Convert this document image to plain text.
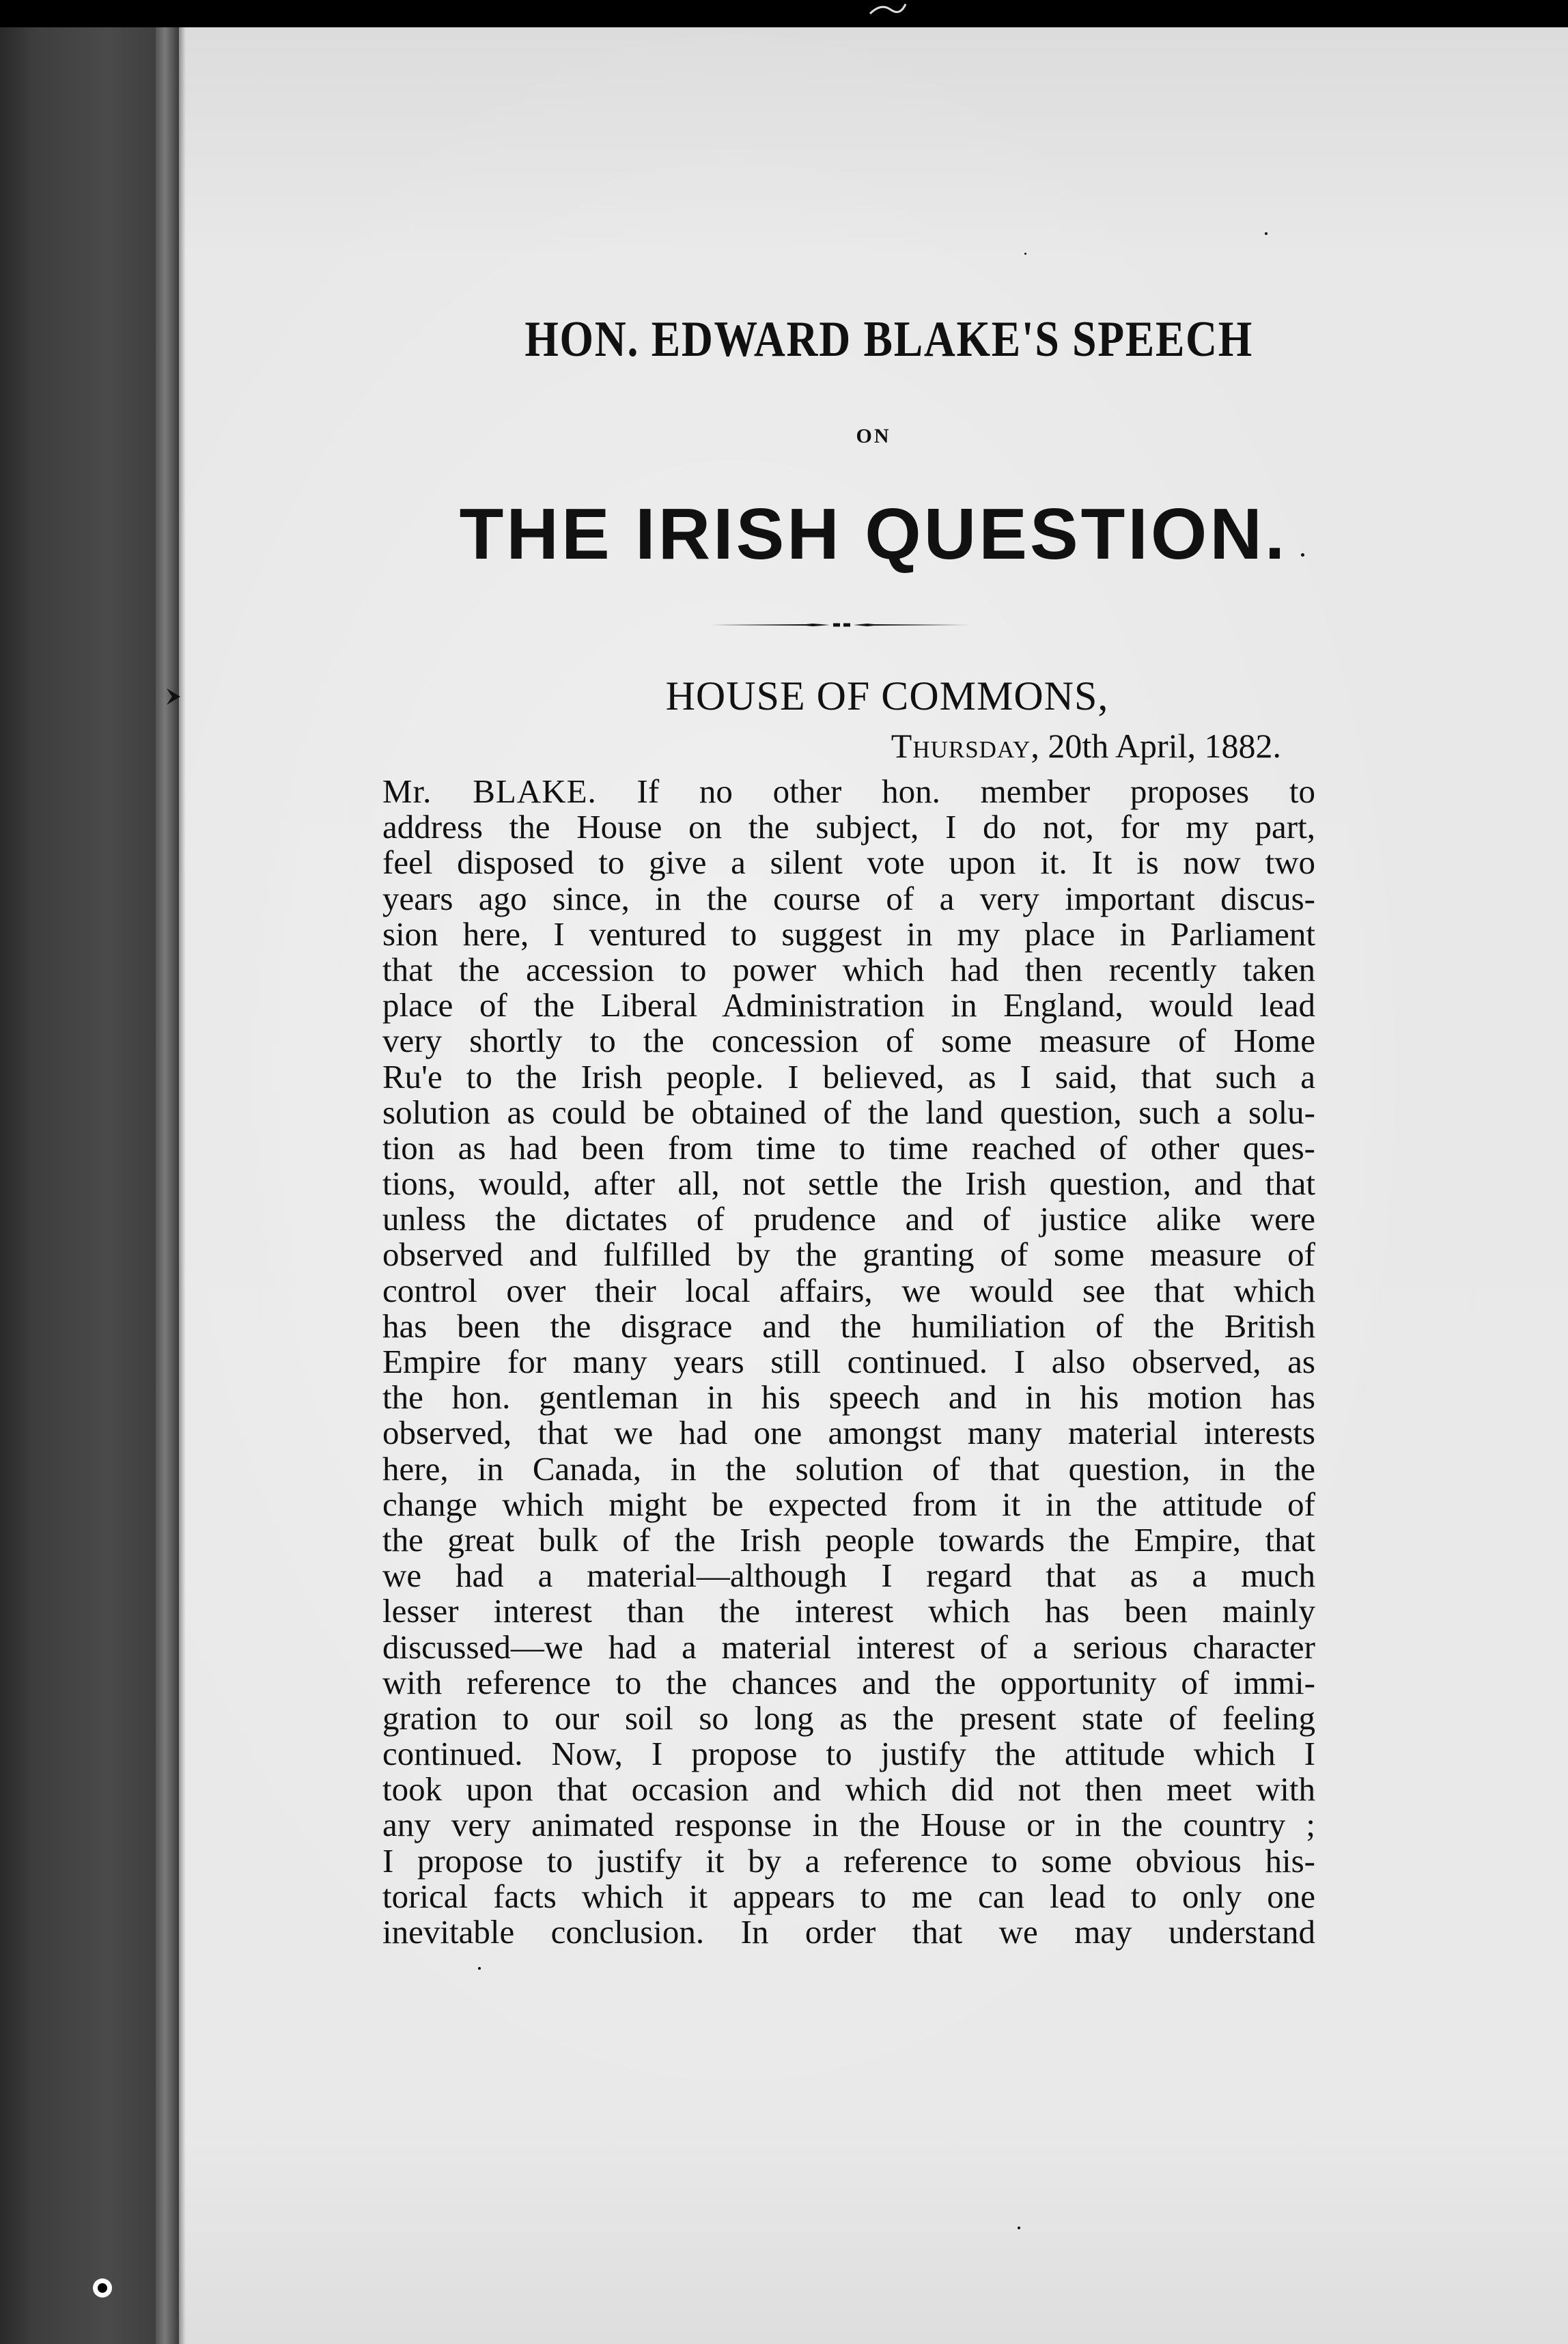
HON. EDWARD BLAKE'S SPEECH
ON
THE IRISH QUESTION.
HOUSE OF COMMONS,
Thursday, 20th April, 1882.
Mr. BLAKE. If no other hon. member proposes to
address the House on the subject, I do not, for my part,
feel disposed to give a silent vote upon it. It is now two
years ago since, in the course of a very important discus-
sion here, I ventured to suggest in my place in Parliament
that the accession to power which had then recently taken
place of the Liberal Administration in England, would lead
very shortly to the concession of some measure of Home
Ru'e to the Irish people. I believed, as I said, that such a
solution as could be obtained of the land question, such a solu-
tion as had been from time to time reached of other ques-
tions, would, after all, not settle the Irish question, and that
unless the dictates of prudence and of justice alike were
observed and fulfilled by the granting of some measure of
control over their local affairs, we would see that which
has been the disgrace and the humiliation of the British
Empire for many years still continued. I also observed, as
the hon. gentleman in his speech and in his motion has
observed, that we had one amongst many material interests
here, in Canada, in the solution of that question, in the
change which might be expected from it in the attitude of
the great bulk of the Irish people towards the Empire, that
we had a material—although I regard that as a much
lesser interest than the interest which has been mainly
discussed—we had a material interest of a serious character
with reference to the chances and the opportunity of immi-
gration to our soil so long as the present state of feeling
continued. Now, I propose to justify the attitude which I
took upon that occasion and which did not then meet with
any very animated response in the House or in the country ;
I propose to justify it by a reference to some obvious his-
torical facts which it appears to me can lead to only one
inevitable conclusion. In order that we may understand
